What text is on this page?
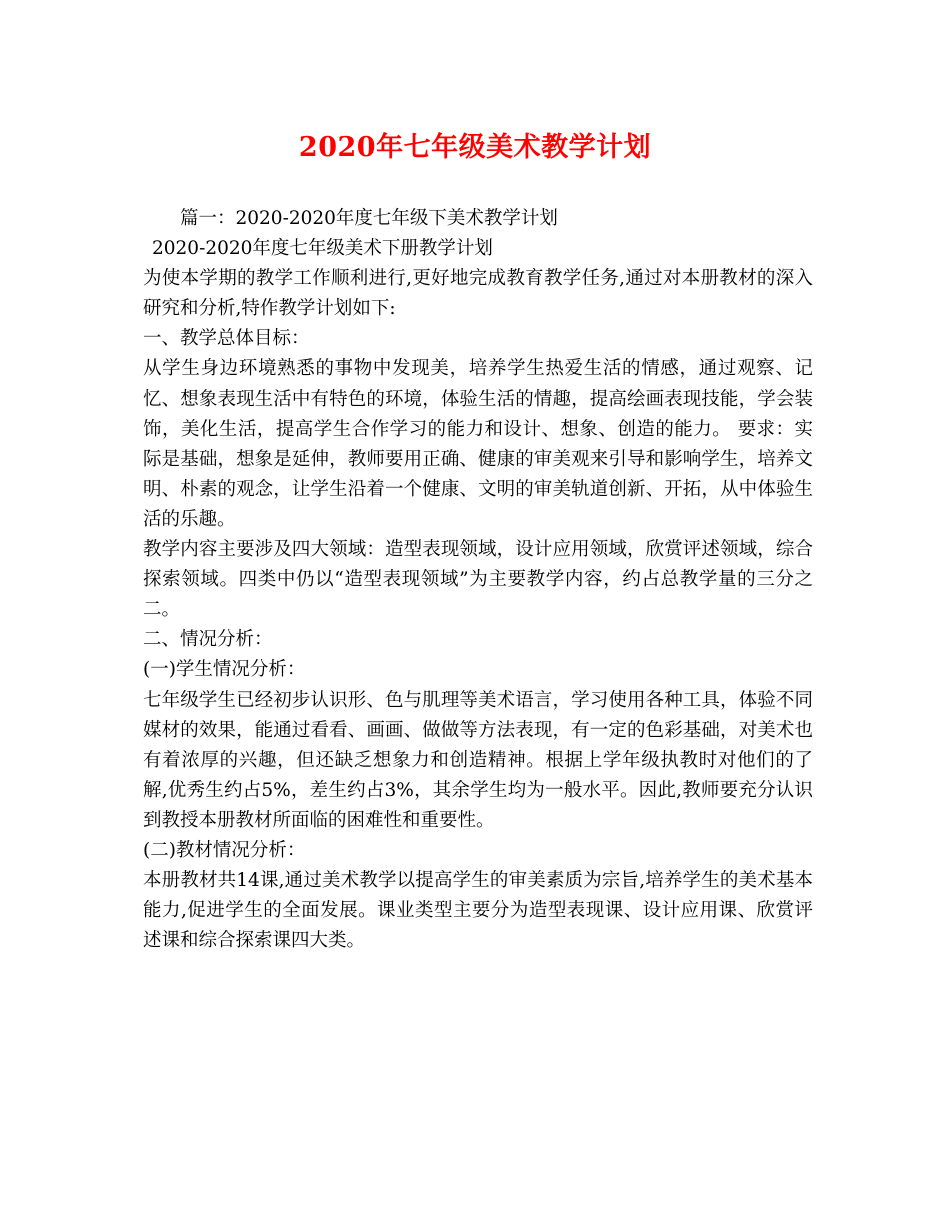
2020年七年级美术教学计划

篇一：2020-2020年度七年级下美术教学计划

2020-2020年度七年级美术下册教学计划

为使本学期的教学工作顺利进行,更好地完成教育教学任务,通过对本册教材的深入研究和分析,特作教学计划如下:

一、教学总体目标：

从学生身边环境熟悉的事物中发现美，培养学生热爱生活的情感，通过观察、记忆、想象表现生活中有特色的环境，体验生活的情趣，提高绘画表现技能，学会装饰，美化生活，提高学生合作学习的能力和设计、想象、创造的能力。 要求：实际是基础，想象是延伸，教师要用正确、健康的审美观来引导和影响学生，培养文明、朴素的观念，让学生沿着一个健康、文明的审美轨道创新、开拓，从中体验生活的乐趣。

教学内容主要涉及四大领域：造型表现领域，设计应用领域，欣赏评述领域，综合探索领域。四类中仍以“造型表现领域”为主要教学内容，约占总教学量的三分之二。

二、情况分析：

(一)学生情况分析：

七年级学生已经初步认识形、色与肌理等美术语言，学习使用各种工具，体验不同媒材的效果，能通过看看、画画、做做等方法表现，有一定的色彩基础，对美术也有着浓厚的兴趣，但还缺乏想象力和创造精神。根据上学年级执教时对他们的了解,优秀生约占5%，差生约占3%，其余学生均为一般水平。因此,教师要充分认识到教授本册教材所面临的困难性和重要性。

(二)教材情况分析：

本册教材共14课,通过美术教学以提高学生的审美素质为宗旨,培养学生的美术基本能力,促进学生的全面发展。课业类型主要分为造型表现课、设计应用课、欣赏评述课和综合探索课四大类。
